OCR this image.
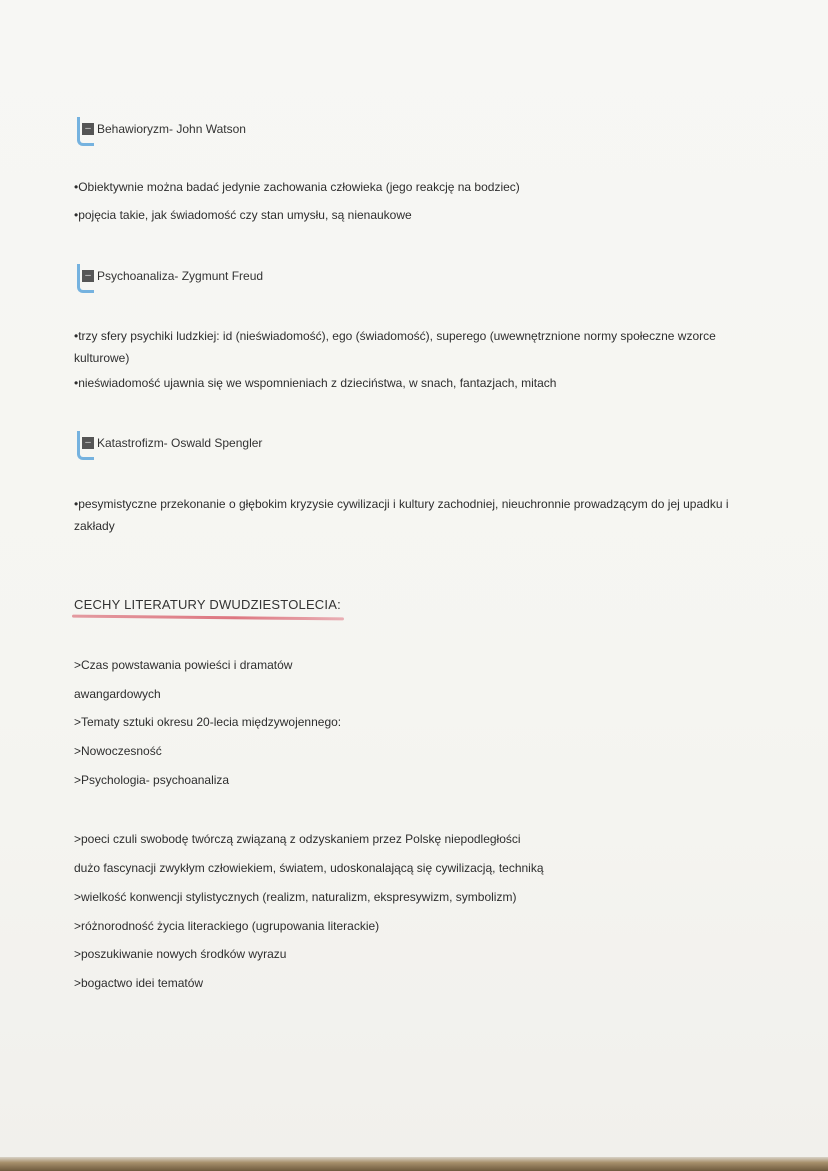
– Behawioryzm- John Watson
•Obiektywnie można badać jedynie zachowania człowieka (jego reakcję na bodziec)
•pojęcia takie, jak świadomość czy stan umysłu, są nienaukowe
– Psychoanaliza- Zygmunt Freud
•trzy sfery psychiki ludzkiej: id (nieświadomość), ego (świadomość), superego (uwewnętrznione normy społeczne wzorce kulturowe)
•nieświadomość ujawnia się we wspomnieniach z dzieciństwa, w snach, fantazjach, mitach
– Katastrofizm- Oswald Spengler
•pesymistyczne przekonanie o głębokim kryzysie cywilizacji i kultury zachodniej, nieuchronnie prowadzącym do jej upadku i zakłady
CECHY LITERATURY DWUDZIESTOLECIA:
>Czas powstawania powieści i dramatów
awangardowych
>Tematy sztuki okresu 20-lecia międzywojennego:
>Nowoczesność
>Psychologia- psychoanaliza
>poeci czuli swobodę twórczą związaną z odzyskaniem przez Polskę niepodległości
dużo fascynacji zwykłym człowiekiem, światem, udoskonalającą się cywilizacją, techniką
>wielkość konwencji stylistycznych (realizm, naturalizm, ekspresywizm, symbolizm)
>różnorodność życia literackiego (ugrupowania literackie)
>poszukiwanie nowych środków wyrazu
>bogactwo idei tematów
